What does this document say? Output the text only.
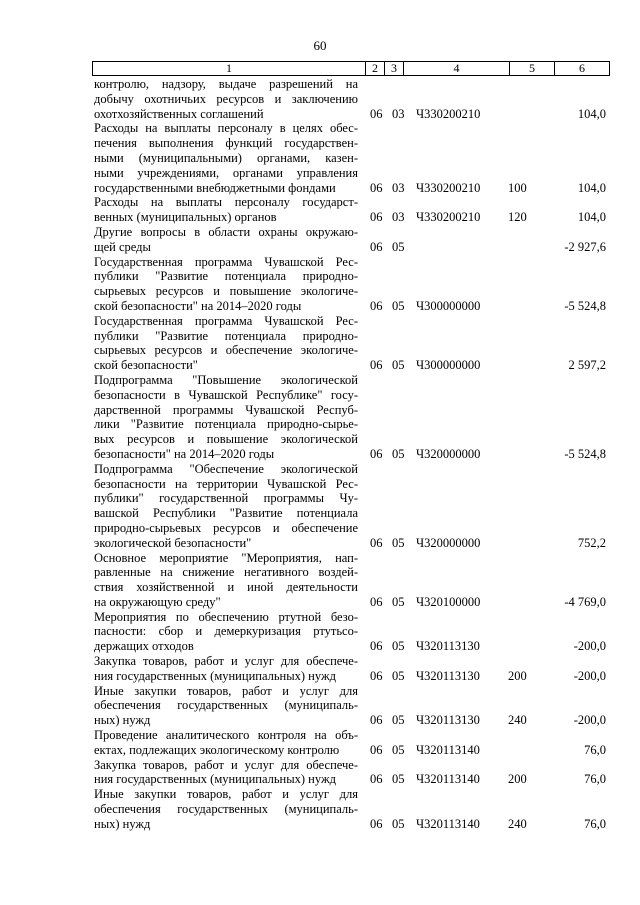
60
1	2	3	4	5	6
контролю, надзору, выдаче разрешений на
добычу охотничьих ресурсов и заключению
охотхозяйственных соглашений	06 03 Ч330200210	104,0
Расходы на выплаты персоналу в целях обес-
печения выполнения функций государствен-
ными (муниципальными) органами, казен-
ными учреждениями, органами управления
государственными внебюджетными фондами	06 03 Ч330200210	100	104,0
Расходы на выплаты персоналу государст-
венных (муниципальных) органов	06 03 Ч330200210	120	104,0
Другие вопросы в области охраны окружаю-
щей среды	06 05	-2 927,6
Государственная программа Чувашской Рес-
публики "Развитие потенциала природно-
сырьевых ресурсов и повышение экологиче-
ской безопасности" на 2014–2020 годы	06 05 Ч300000000	-5 524,8
Государственная программа Чувашской Рес-
публики "Развитие потенциала природно-
сырьевых ресурсов и обеспечение экологиче-
ской безопасности"	06 05 Ч300000000	2 597,2
Подпрограмма "Повышение экологической
безопасности в Чувашской Республике" госу-
дарственной программы Чувашской Респуб-
лики "Развитие потенциала природно-сырье-
вых ресурсов и повышение экологической
безопасности" на 2014–2020 годы	06 05 Ч320000000	-5 524,8
Подпрограмма "Обеспечение экологической
безопасности на территории Чувашской Рес-
публики" государственной программы Чу-
вашской Республики "Развитие потенциала
природно-сырьевых ресурсов и обеспечение
экологической безопасности"	06 05 Ч320000000	752,2
Основное мероприятие "Мероприятия, нап-
равленные на снижение негативного воздей-
ствия хозяйственной и иной деятельности
на окружающую среду"	06 05 Ч320100000	-4 769,0
Мероприятия по обеспечению ртутной безо-
пасности: сбор и демеркуризация ртутьсо-
держащих отходов	06 05 Ч320113130	-200,0
Закупка товаров, работ и услуг для обеспече-
ния государственных (муниципальных) нужд	06 05 Ч320113130	200	-200,0
Иные закупки товаров, работ и услуг для
обеспечения государственных (муниципаль-
ных) нужд	06 05 Ч320113130	240	-200,0
Проведение аналитического контроля на объ-
ектах, подлежащих экологическому контролю	06 05 Ч320113140	76,0
Закупка товаров, работ и услуг для обеспече-
ния государственных (муниципальных) нужд	06 05 Ч320113140	200	76,0
Иные закупки товаров, работ и услуг для
обеспечения государственных (муниципаль-
ных) нужд	06 05 Ч320113140	240	76,0
